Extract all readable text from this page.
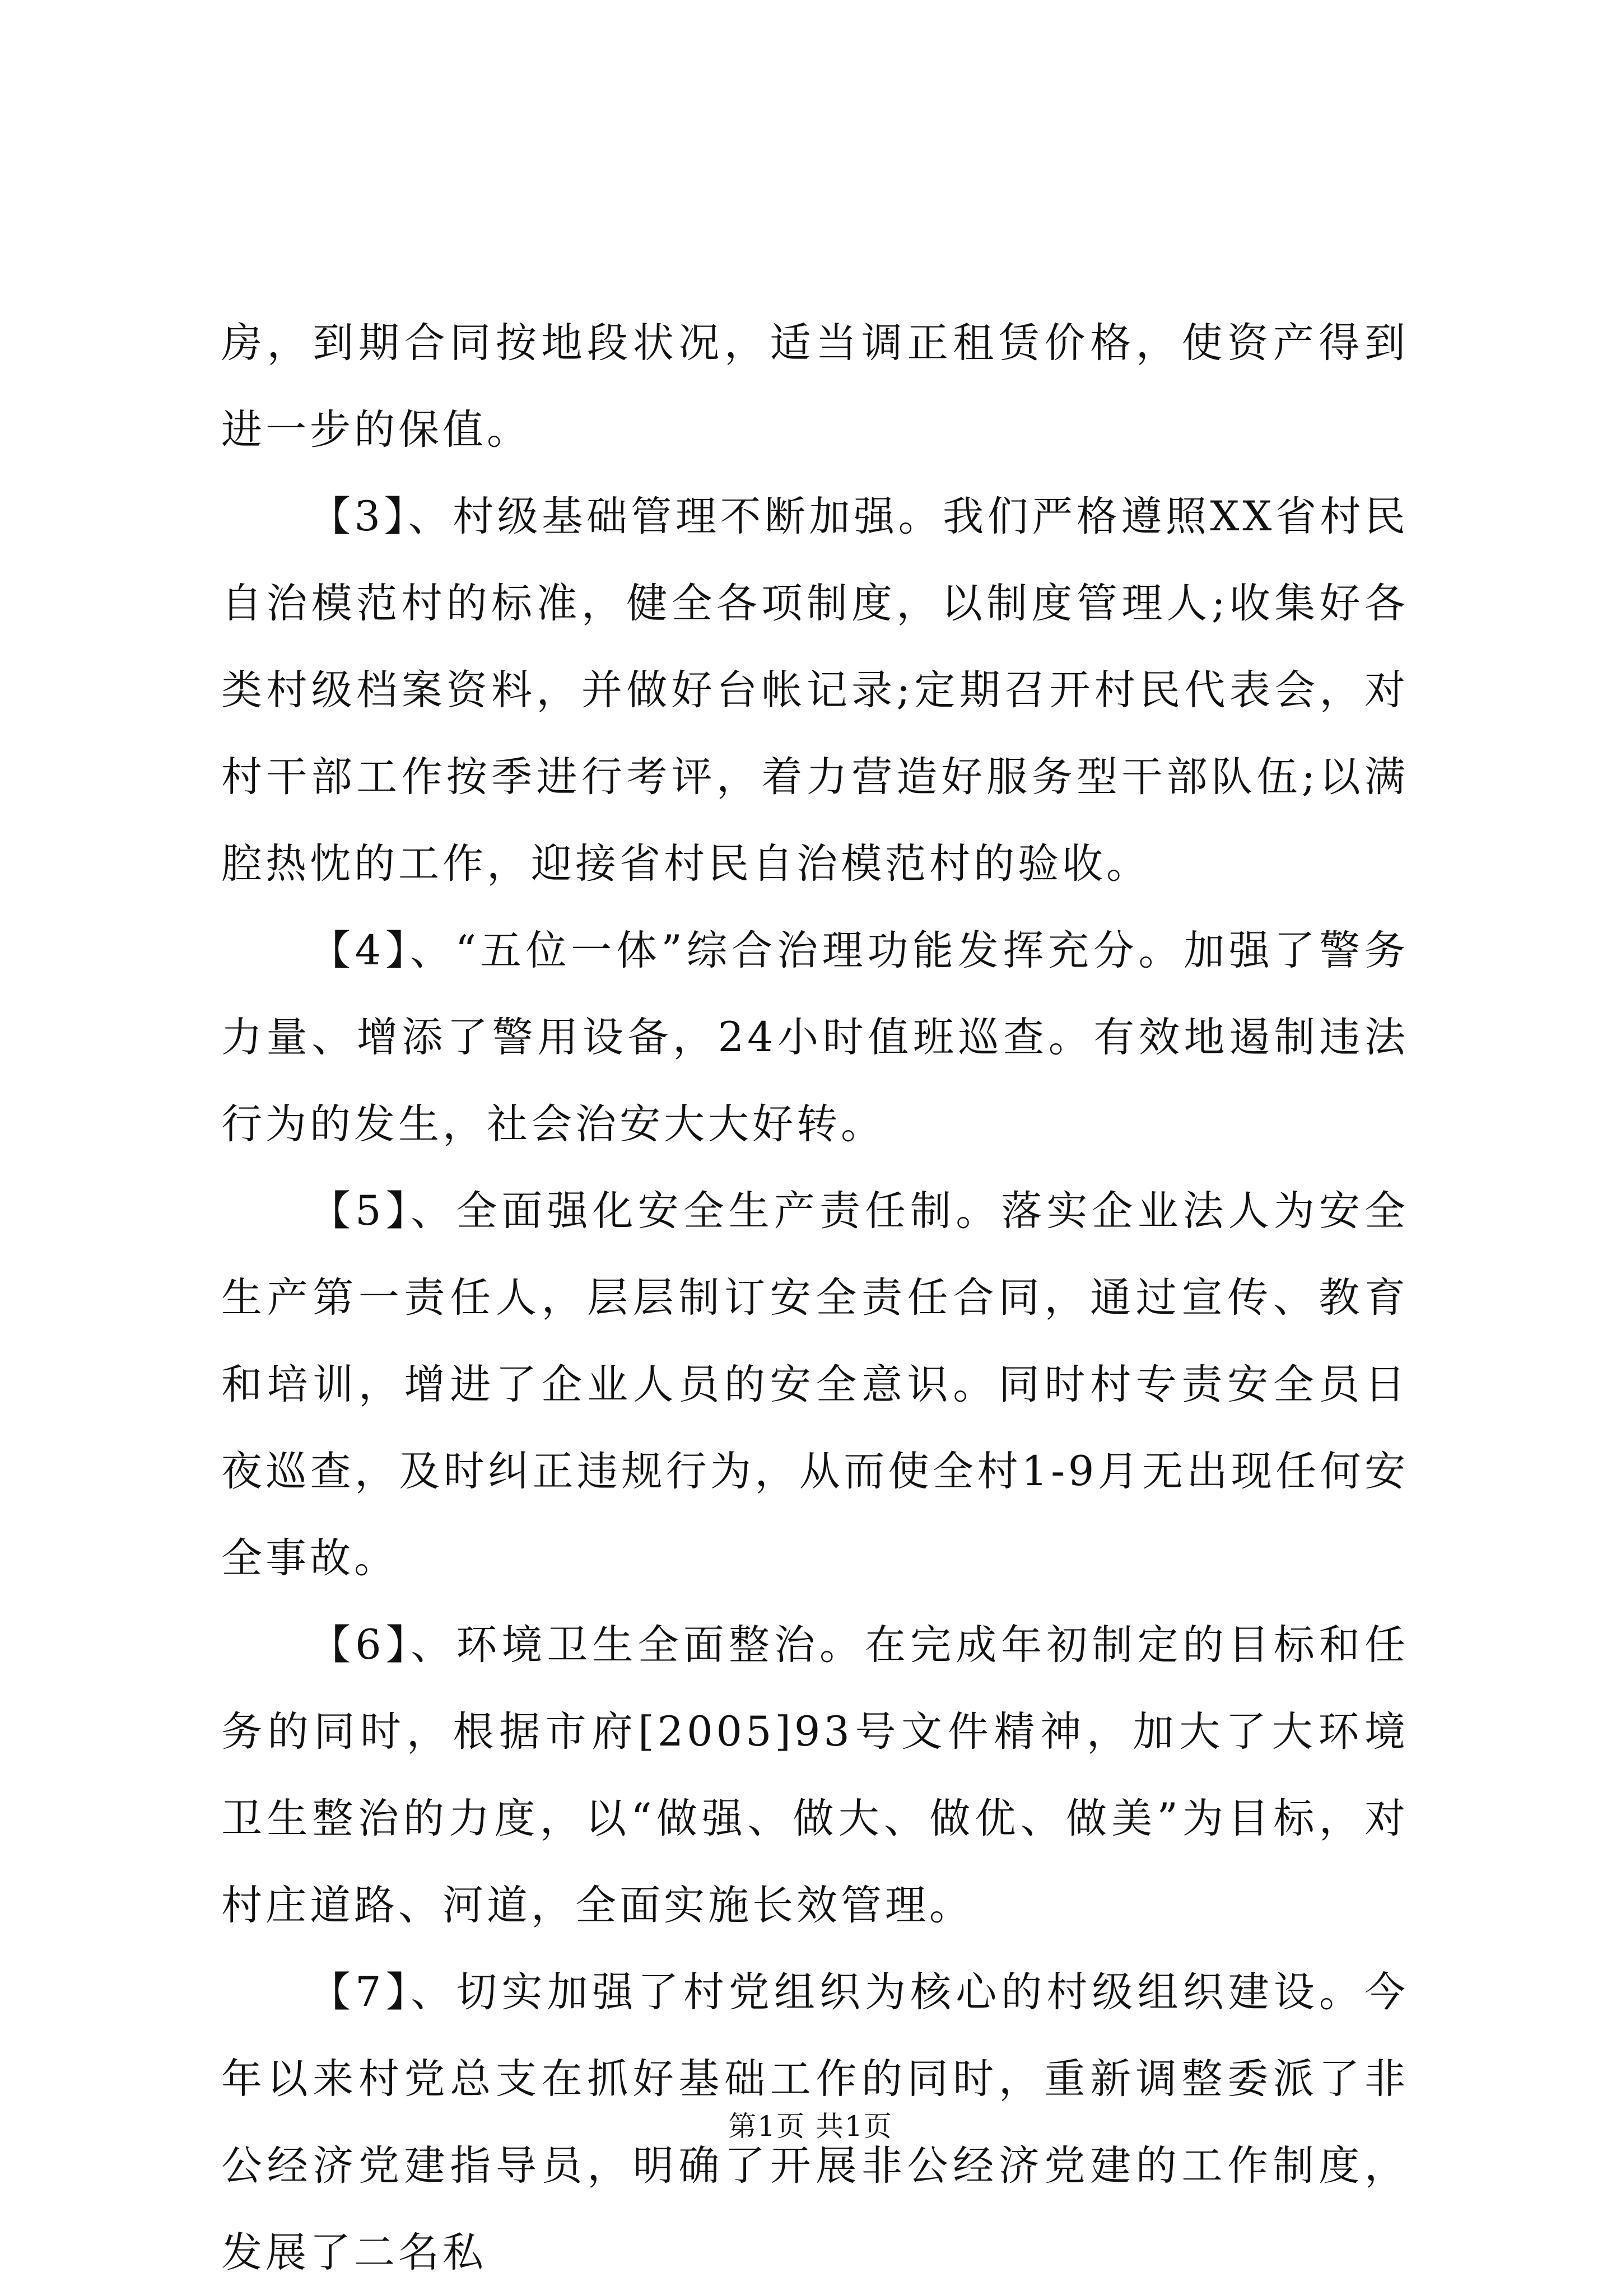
房，到期合同按地段状况，适当调正租赁价格，使资产得到进一步的保值。

【3】、村级基础管理不断加强。我们严格遵照XX省村民自治模范村的标准，健全各项制度，以制度管理人;收集好各类村级档案资料，并做好台帐记录;定期召开村民代表会，对村干部工作按季进行考评，着力营造好服务型干部队伍;以满腔热忱的工作，迎接省村民自治模范村的验收。

【4】、“五位一体”综合治理功能发挥充分。加强了警务力量、增添了警用设备，24小时值班巡查。有效地遏制违法行为的发生，社会治安大大好转。

【5】、全面强化安全生产责任制。落实企业法人为安全生产第一责任人，层层制订安全责任合同，通过宣传、教育和培训，增进了企业人员的安全意识。同时村专责安全员日夜巡查，及时纠正违规行为，从而使全村1-9月无出现任何安全事故。

【6】、环境卫生全面整治。在完成年初制定的目标和任务的同时，根据市府[2005]93号文件精神，加大了大环境卫生整治的力度，以“做强、做大、做优、做美”为目标，对村庄道路、河道，全面实施长效管理。

【7】、切实加强了村党组织为核心的村级组织建设。今年以来村党总支在抓好基础工作的同时，重新调整委派了非公经济党建指导员，明确了开展非公经济党建的工作制度，发展了二名私

第1页 共1页
